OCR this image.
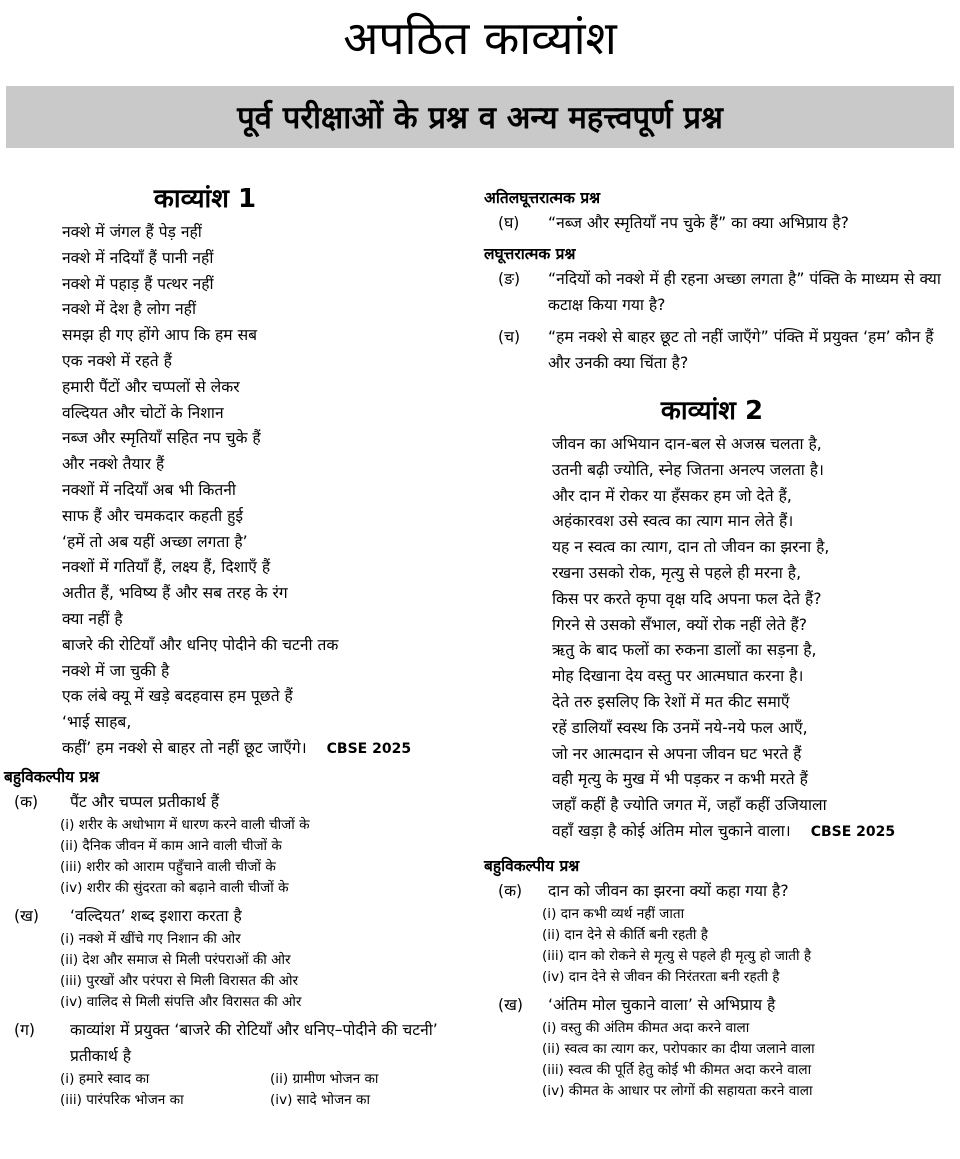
अपठित काव्यांश
पूर्व परीक्षाओं के प्रश्न व अन्य महत्त्वपूर्ण प्रश्न
काव्यांश 1
नक्शे में जंगल हैं पेड़ नहीं
नक्शे में नदियाँ हैं पानी नहीं
नक्शे में पहाड़ हैं पत्थर नहीं
नक्शे में देश है लोग नहीं
समझ ही गए होंगे आप कि हम सब
एक नक्शे में रहते हैं
हमारी पैंटों और चप्पलों से लेकर
वल्दियत और चोटों के निशान
नब्ज और स्मृतियाँ सहित नप चुके हैं
और नक्शे तैयार हैं
नक्शों में नदियाँ अब भी कितनी
साफ हैं और चमकदार कहती हुई
‘हमें तो अब यहीं अच्छा लगता है’
नक्शों में गतियाँ हैं, लक्ष्य हैं, दिशाएँ हैं
अतीत हैं, भविष्य हैं और सब तरह के रंग
क्या नहीं है
बाजरे की रोटियाँ और धनिए पोदीने की चटनी तक
नक्शे में जा चुकी है
एक लंबे क्यू में खड़े बदहवास हम पूछते हैं
‘भाई साहब,
कहीं’ हम नक्शे से बाहर तो नहीं छूट जाएँगे। CBSE 2025

बहुविकल्पीय प्रश्न

(क)	पैंट और चप्पल प्रतीकार्थ हैं
(i) शरीर के अधोभाग में धारण करने वाली चीजों के
(ii) दैनिक जीवन में काम आने वाली चीजों के
(iii) शरीर को आराम पहुँचाने वाली चीजों के
(iv) शरीर की सुंदरता को बढ़ाने वाली चीजों के
(ख)	‘वल्दियत’ शब्द इशारा करता है
(i) नक्शे में खींचे गए निशान की ओर
(ii) देश और समाज से मिली परंपराओं की ओर
(iii) पुरखों और परंपरा से मिली विरासत की ओर
(iv) वालिद से मिली संपत्ति और विरासत की ओर
(ग)	काव्यांश में प्रयुक्त ‘बाजरे की रोटियाँ और धनिए–पोदीने की चटनी’ प्रतीकार्थ है
(i) हमारे स्वाद का	(ii) ग्रामीण भोजन का
(iii) पारंपरिक भोजन का	(iv) सादे भोजन का

अतिलघूत्तरात्मक प्रश्न

(घ)	“नब्ज और स्मृतियाँ नप चुके हैं” का क्या अभिप्राय है?

लघूत्तरात्मक प्रश्न

(ङ)	“नदियों को नक्शे में ही रहना अच्छा लगता है” पंक्ति के माध्यम से क्या कटाक्ष किया गया है?
(च)	“हम नक्शे से बाहर छूट तो नहीं जाएँगे” पंक्ति में प्रयुक्त ‘हम’ कौन हैं और उनकी क्या चिंता है?
काव्यांश 2
जीवन का अभियान दान-बल से अजस्र चलता है,
उतनी बढ़ी ज्योति, स्नेह जितना अनल्प जलता है।
और दान में रोकर या हँसकर हम जो देते हैं,
अहंकारवश उसे स्वत्व का त्याग मान लेते हैं।
यह न स्वत्व का त्याग, दान तो जीवन का झरना है,
रखना उसको रोक, मृत्यु से पहले ही मरना है,
किस पर करते कृपा वृक्ष यदि अपना फल देते हैं?
गिरने से उसको सँभाल, क्यों रोक नहीं लेते हैं?
ऋतु के बाद फलों का रुकना डालों का सड़ना है,
मोह दिखाना देय वस्तु पर आत्मघात करना है।
देते तरु इसलिए कि रेशों में मत कीट समाएँ
रहें डालियाँ स्वस्थ कि उनमें नये-नये फल आएँ,
जो नर आत्मदान से अपना जीवन घट भरते हैं
वही मृत्यु के मुख में भी पड़कर न कभी मरते हैं
जहाँ कहीं है ज्योति जगत में, जहाँ कहीं उजियाला
वहाँ खड़ा है कोई अंतिम मोल चुकाने वाला। CBSE 2025

बहुविकल्पीय प्रश्न

(क)	दान को जीवन का झरना क्यों कहा गया है?
(i) दान कभी व्यर्थ नहीं जाता
(ii) दान देने से कीर्ति बनी रहती है
(iii) दान को रोकने से मृत्यु से पहले ही मृत्यु हो जाती है
(iv) दान देने से जीवन की निरंतरता बनी रहती है
(ख)	‘अंतिम मोल चुकाने वाला’ से अभिप्राय है
(i) वस्तु की अंतिम कीमत अदा करने वाला
(ii) स्वत्व का त्याग कर, परोपकार का दीया जलाने वाला
(iii) स्वत्व की पूर्ति हेतु कोई भी कीमत अदा करने वाला
(iv) कीमत के आधार पर लोगों की सहायता करने वाला
